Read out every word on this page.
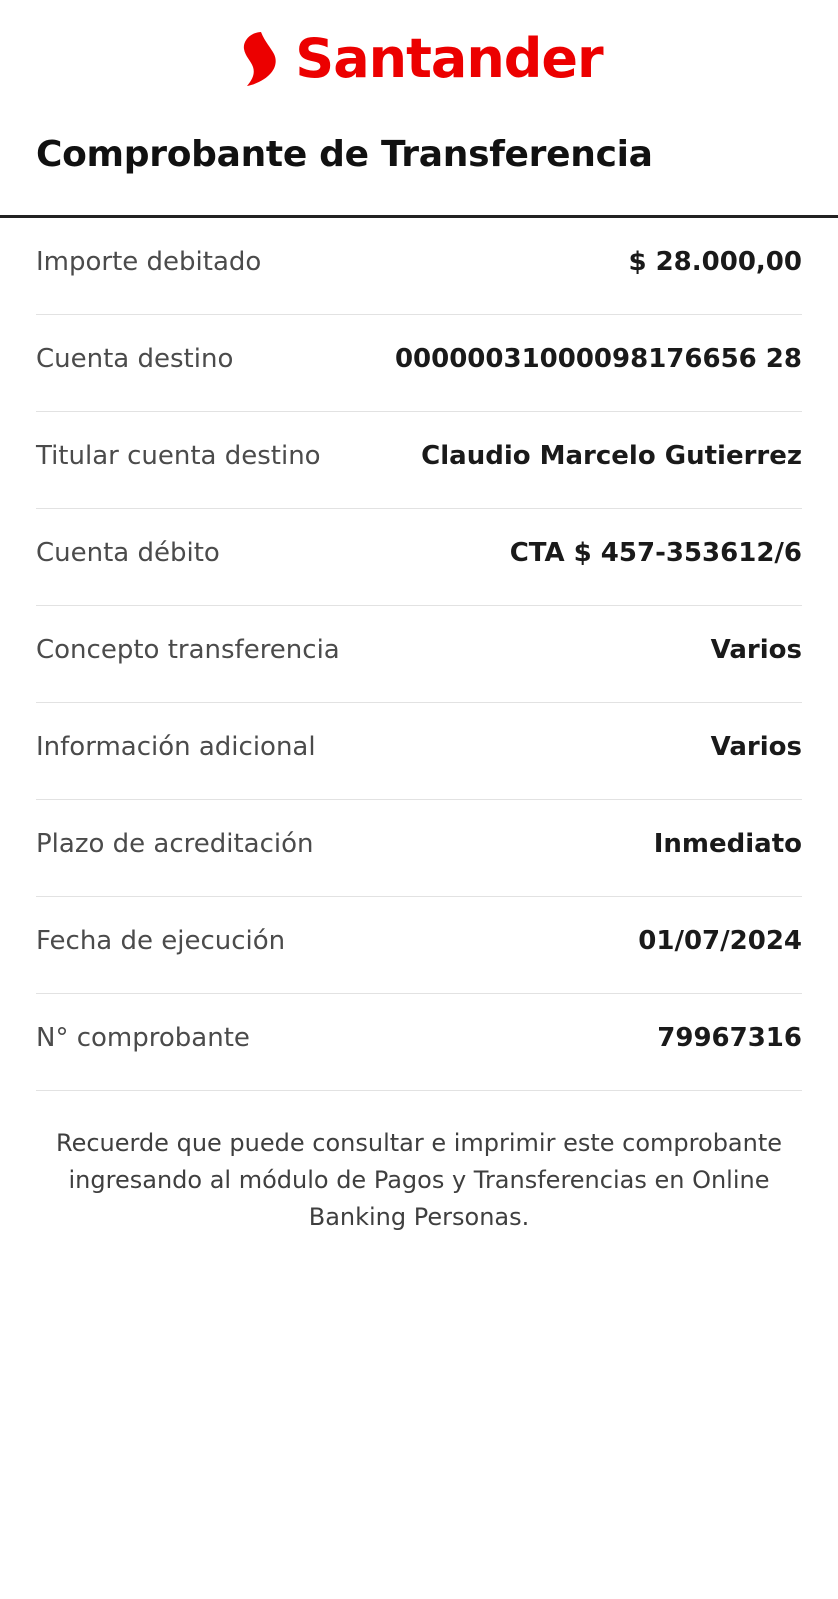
Santander
Comprobante de Transferencia
Importe debitado	$ 28.000,00
Cuenta destino	00000031000098176656 28
Titular cuenta destino	Claudio Marcelo Gutierrez
Cuenta débito	CTA $ 457-353612/6
Concepto transferencia	Varios
Información adicional	Varios
Plazo de acreditación	Inmediato
Fecha de ejecución	01/07/2024
N° comprobante	79967316
Recuerde que puede consultar e imprimir este comprobante ingresando al módulo de Pagos y Transferencias en Online Banking Personas.
